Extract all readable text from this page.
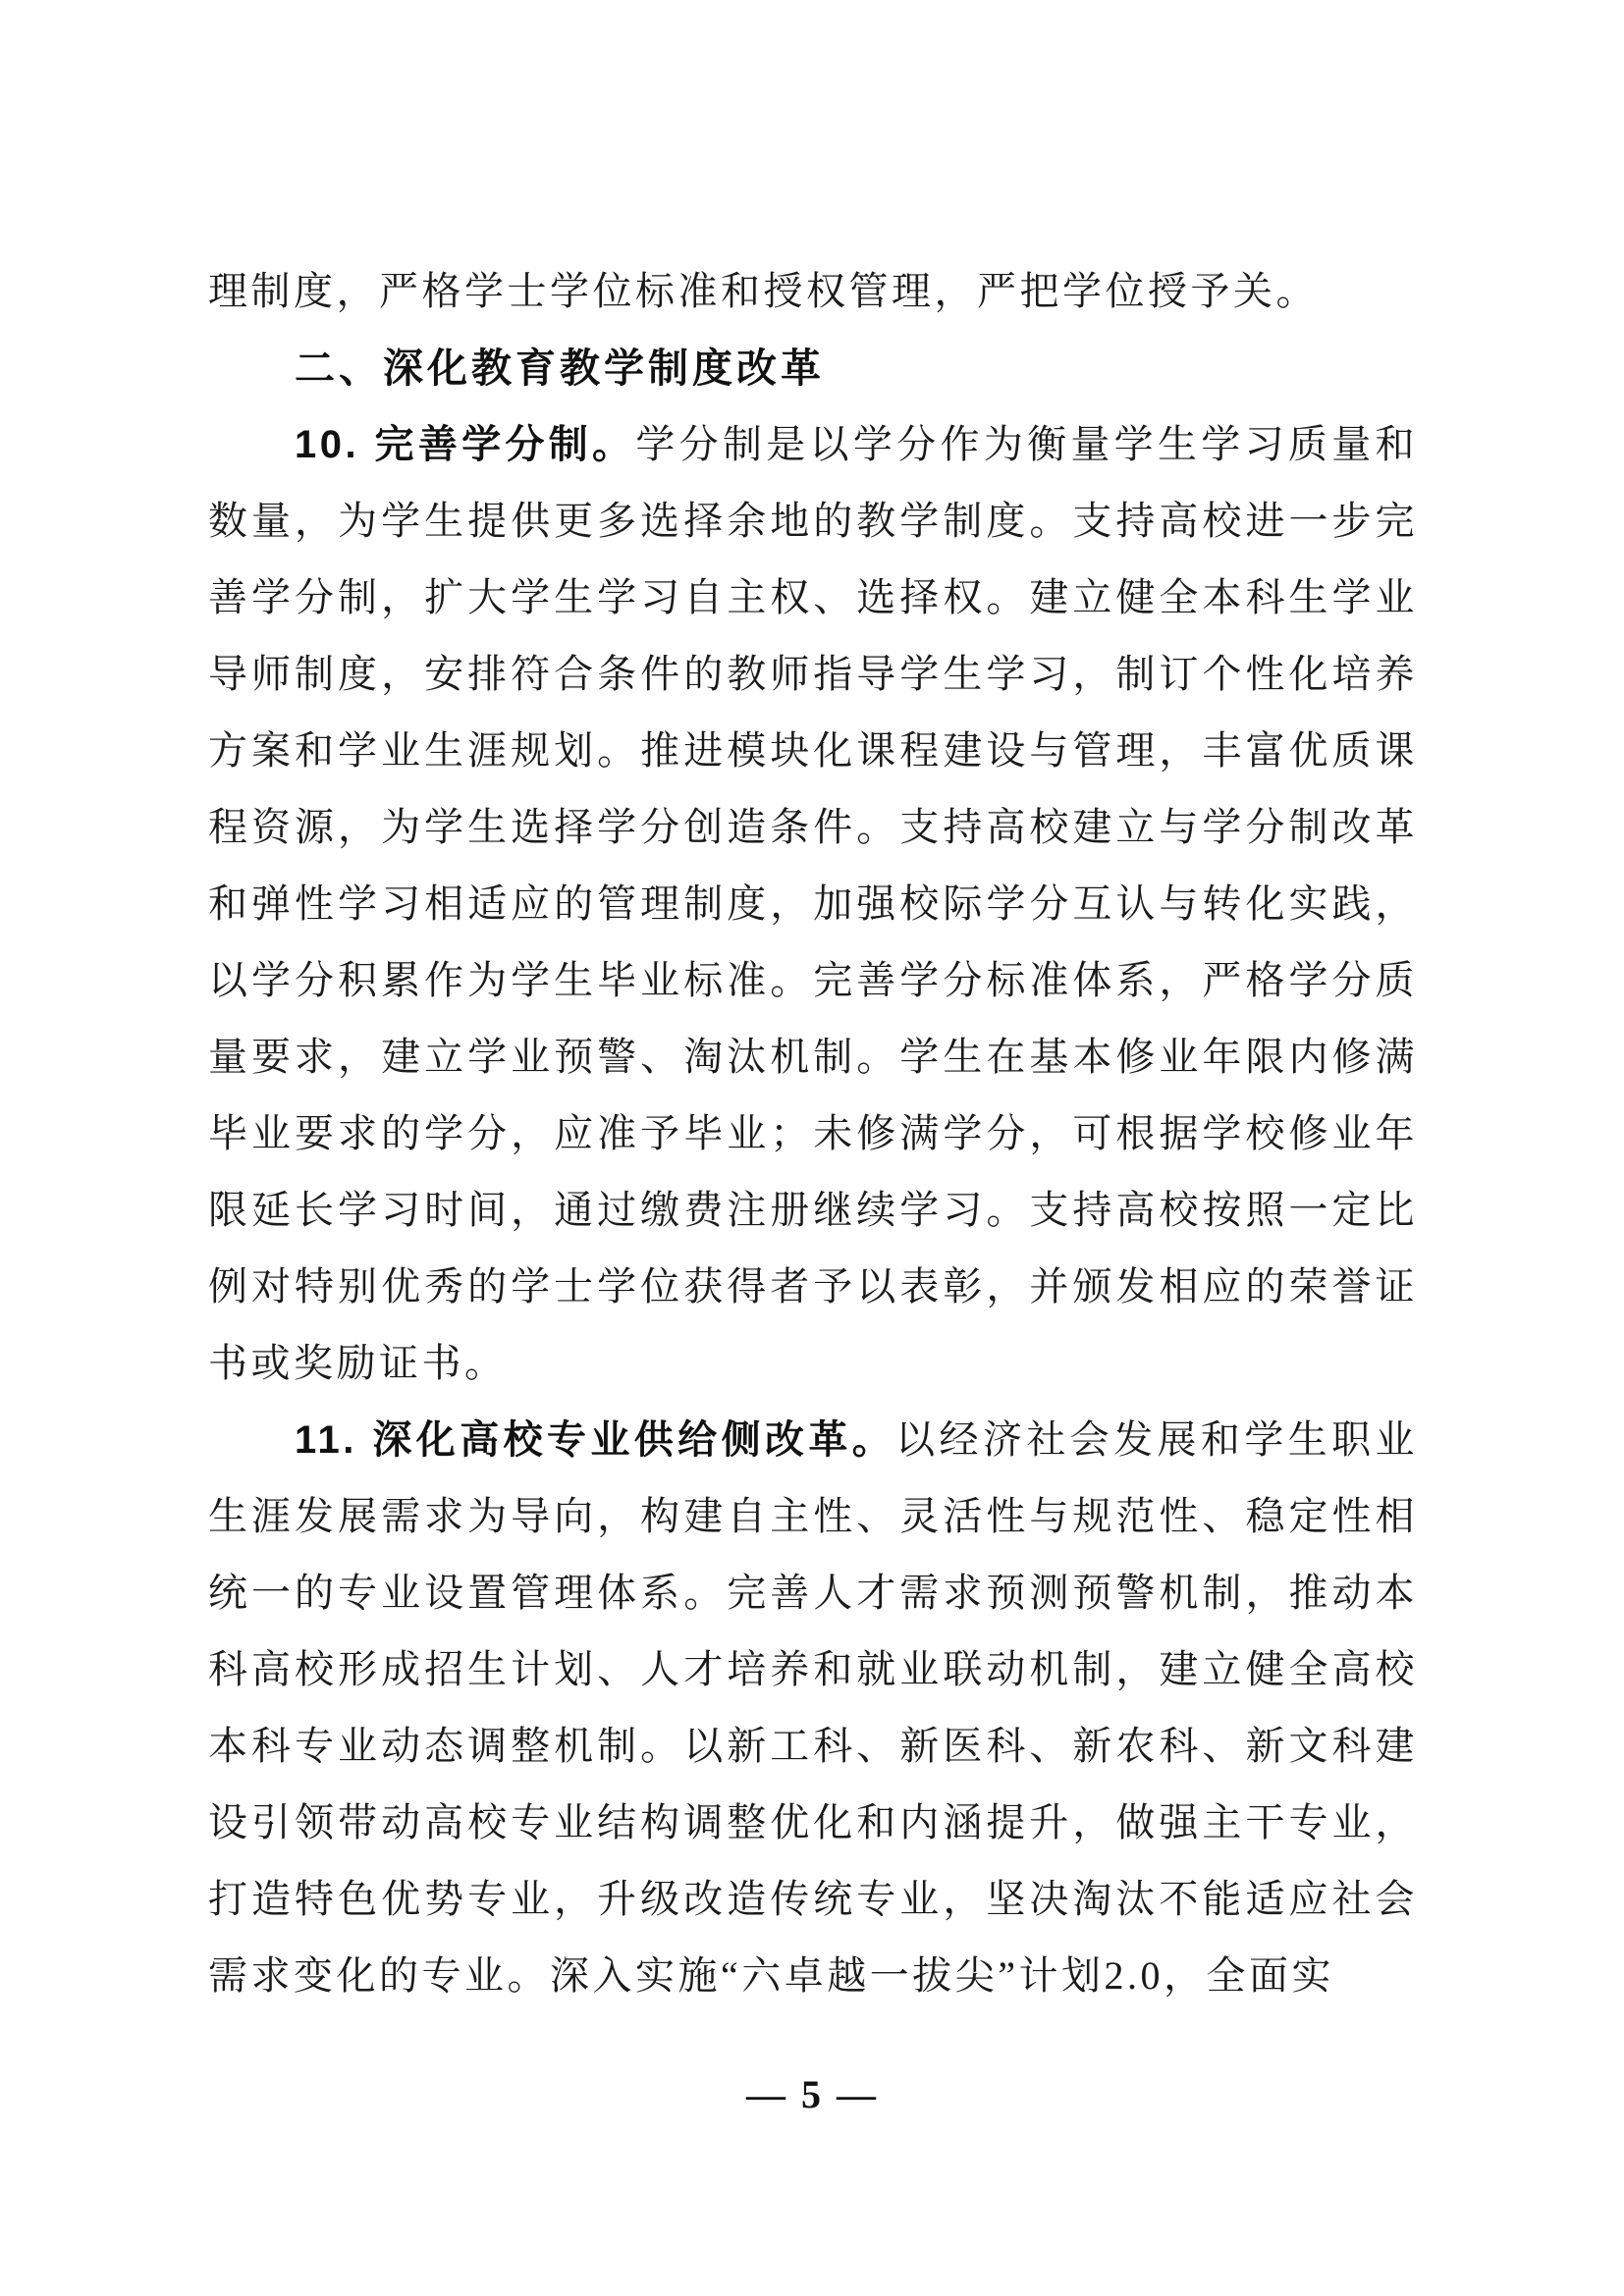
理制度，严格学士学位标准和授权管理，严把学位授予关。

二、深化教育教学制度改革

10. 完善学分制。学分制是以学分作为衡量学生学习质量和数量，为学生提供更多选择余地的教学制度。支持高校进一步完善学分制，扩大学生学习自主权、选择权。建立健全本科生学业导师制度，安排符合条件的教师指导学生学习，制订个性化培养方案和学业生涯规划。推进模块化课程建设与管理，丰富优质课程资源，为学生选择学分创造条件。支持高校建立与学分制改革和弹性学习相适应的管理制度，加强校际学分互认与转化实践，以学分积累作为学生毕业标准。完善学分标准体系，严格学分质量要求，建立学业预警、淘汰机制。学生在基本修业年限内修满毕业要求的学分，应准予毕业；未修满学分，可根据学校修业年限延长学习时间，通过缴费注册继续学习。支持高校按照一定比例对特别优秀的学士学位获得者予以表彰，并颁发相应的荣誉证书或奖励证书。

11. 深化高校专业供给侧改革。以经济社会发展和学生职业生涯发展需求为导向，构建自主性、灵活性与规范性、稳定性相统一的专业设置管理体系。完善人才需求预测预警机制，推动本科高校形成招生计划、人才培养和就业联动机制，建立健全高校本科专业动态调整机制。以新工科、新医科、新农科、新文科建设引领带动高校专业结构调整优化和内涵提升，做强主干专业，打造特色优势专业，升级改造传统专业，坚决淘汰不能适应社会需求变化的专业。深入实施“六卓越一拔尖”计划2.0，全面实

— 5 —
